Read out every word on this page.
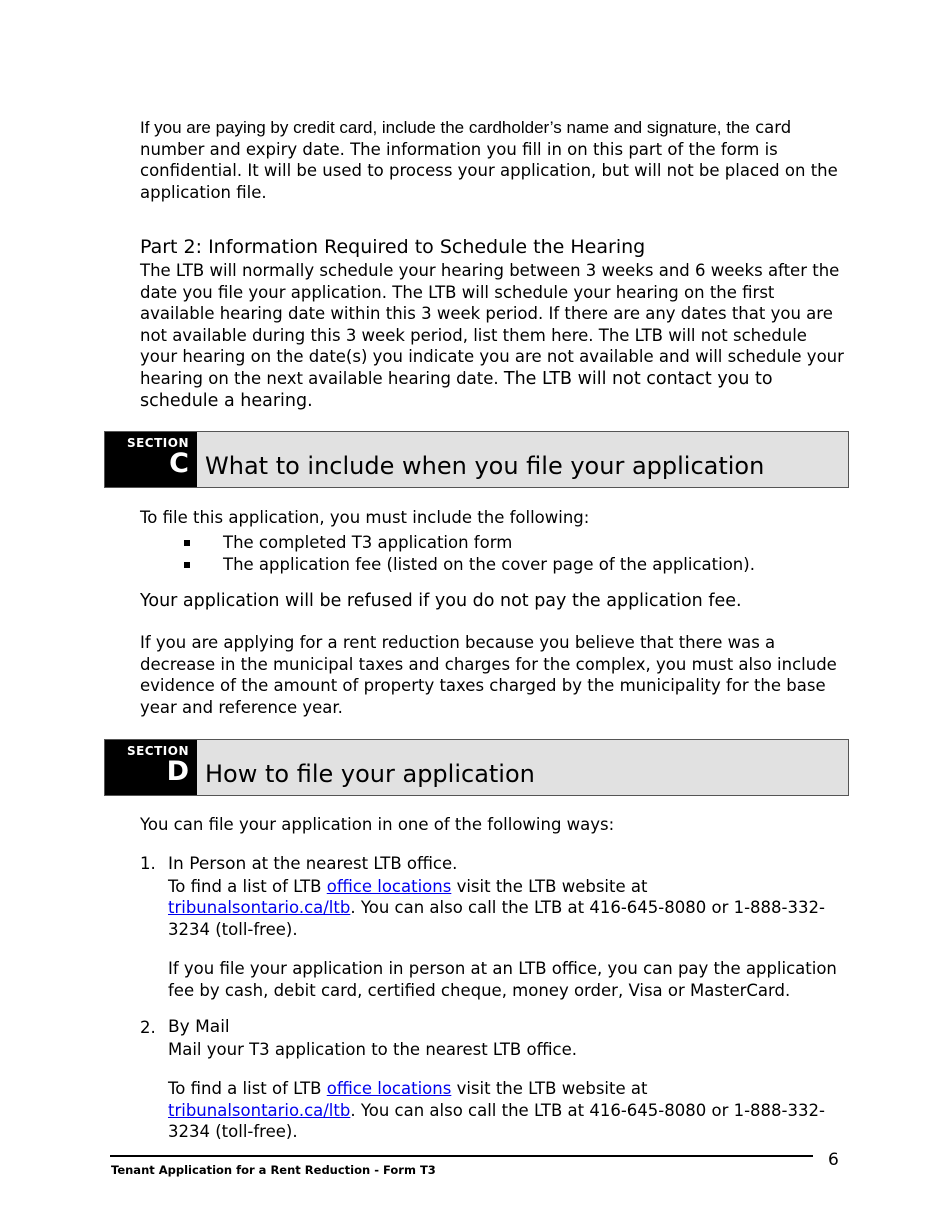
If you are paying by credit card, include the cardholder’s name and signature, the card number and expiry date. The information you fill in on this part of the form is confidential. It will be used to process your application, but will not be placed on the application file.

Part 2: Information Required to Schedule the Hearing

The LTB will normally schedule your hearing between 3 weeks and 6 weeks after the date you file your application. The LTB will schedule your hearing on the first available hearing date within this 3 week period. If there are any dates that you are not available during this 3 week period, list them here. The LTB will not schedule your hearing on the date(s) you indicate you are not available and will schedule your hearing on the next available hearing date. The LTB will not contact you to schedule a hearing.

SECTION
C What to include when you file your application

To file this application, you must include the following:

The completed T3 application form
The application fee (listed on the cover page of the application).

Your application will be refused if you do not pay the application fee.

If you are applying for a rent reduction because you believe that there was a decrease in the municipal taxes and charges for the complex, you must also include evidence of the amount of property taxes charged by the municipality for the base year and reference year.

SECTION
D How to file your application

You can file your application in one of the following ways:

1. In Person at the nearest LTB office.

To find a list of LTB office locations visit the LTB website at tribunalsontario.ca/ltb. You can also call the LTB at 416-645-8080 or 1-888-332-3234 (toll-free).

If you file your application in person at an LTB office, you can pay the application fee by cash, debit card, certified cheque, money order, Visa or MasterCard.

2. By Mail

Mail your T3 application to the nearest LTB office.

To find a list of LTB office locations visit the LTB website at tribunalsontario.ca/ltb. You can also call the LTB at 416-645-8080 or 1-888-332-3234 (toll-free).

Tenant Application for a Rent Reduction - Form T3	6
